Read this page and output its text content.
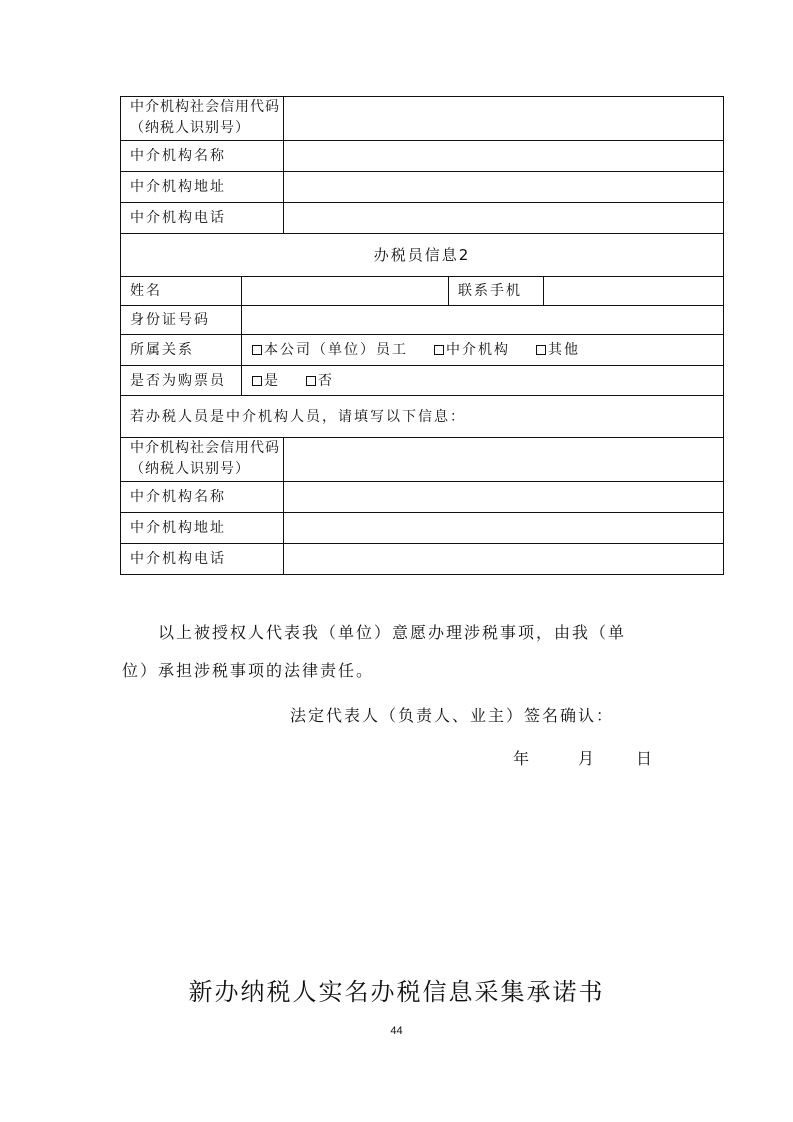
中介机构社会信用代码（纳税人识别号）
中介机构名称
中介机构地址
中介机构电话
办税员信息2
姓名	联系手机
身份证号码
所属关系	本公司（单位）员工	中介机构	其他
是否为购票员	是	否
若办税人员是中介机构人员，请填写以下信息：
中介机构社会信用代码（纳税人识别号）
中介机构名称
中介机构地址
中介机构电话
以上被授权人代表我（单位）意愿办理涉税事项，由我（单
位）承担涉税事项的法律责任。
法定代表人（负责人、业主）签名确认：
年	月 日
新办纳税人实名办税信息采集承诺书
44
